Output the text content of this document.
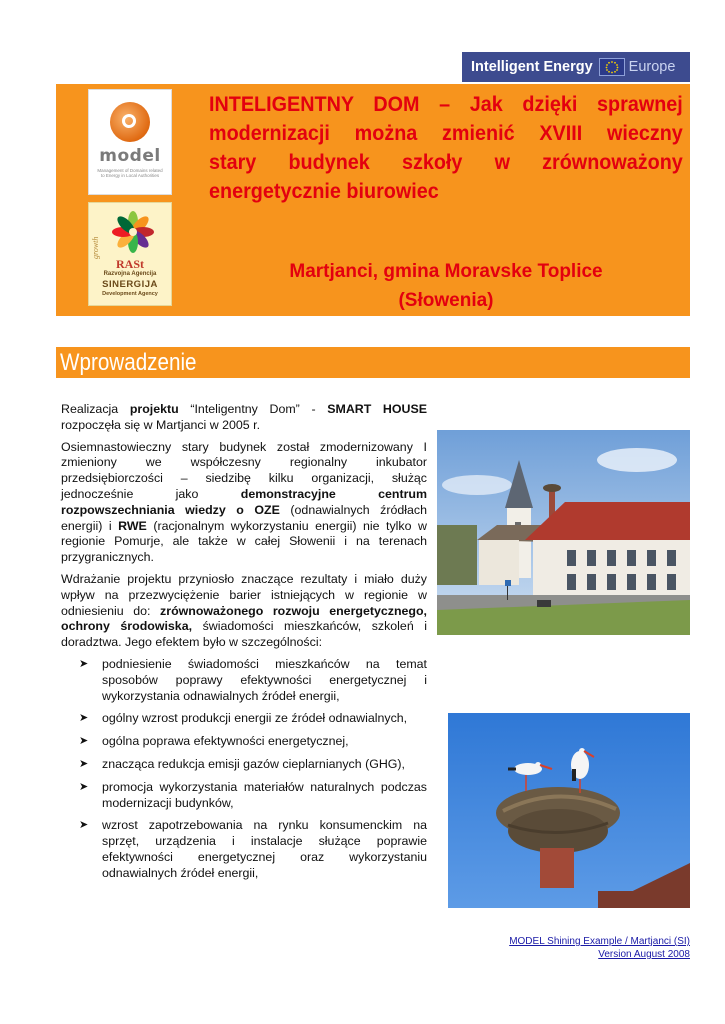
Intelligent Energy Europe
model
Management of Domains related to Energy in Local Authorities
growth
RASt
Razvojna Agencija
SINERGIJA
Development Agency
INTELIGENTNY DOM – Jak dzięki sprawnej
modernizacji można zmienić XVIII wieczny
stary budynek szkoły w zrównoważony
energetycznie biurowiec
Martjanci, gmina Moravske Toplice
(Słowenia)
Wprowadzenie

Realizacja projektu “Inteligentny Dom” - SMART HOUSE rozpoczęła się w Martjanci w 2005 r.

Osiemnastowieczny stary budynek został zmodernizowany I zmieniony we współczesny regionalny inkubator przedsiębiorczości – siedzibę kilku organizacji, służąc jednocześnie jako demonstracyjne centrum rozpowszechniania wiedzy o OZE (odnawialnych źródłach energii) i RWE (racjonalnym wykorzystaniu energii) nie tylko w regionie Pomurje, ale także w całej Słowenii i na terenach przygranicznych.

Wdrażanie projektu przyniosło znaczące rezultaty i miało duży wpływ na przezwyciężenie barier istniejących w regionie w odniesieniu do: zrównoważonego rozwoju energetycznego, ochrony środowiska, świadomości mieszkańców, szkoleń i doradztwa. Jego efektem było w szczególności:

➤ podniesienie świadomości mieszkańców na temat sposobów poprawy efektywności energetycznej i wykorzystania odnawialnych źródeł energii,
➤ ogólny wzrost produkcji energii ze źródeł odnawialnych,
➤ ogólna poprawa efektywności energetycznej,
➤ znacząca redukcja emisji gazów cieplarnianych (GHG),
➤ promocja wykorzystania materiałów naturalnych podczas modernizacji budynków,
➤ wzrost zapotrzebowania na rynku konsumenckim na sprzęt, urządzenia i instalacje służące poprawie efektywności energetycznej oraz wykorzystaniu odnawialnych źródeł energii,
MODEL Shining Example / Martjanci (SI)
Version August 2008
